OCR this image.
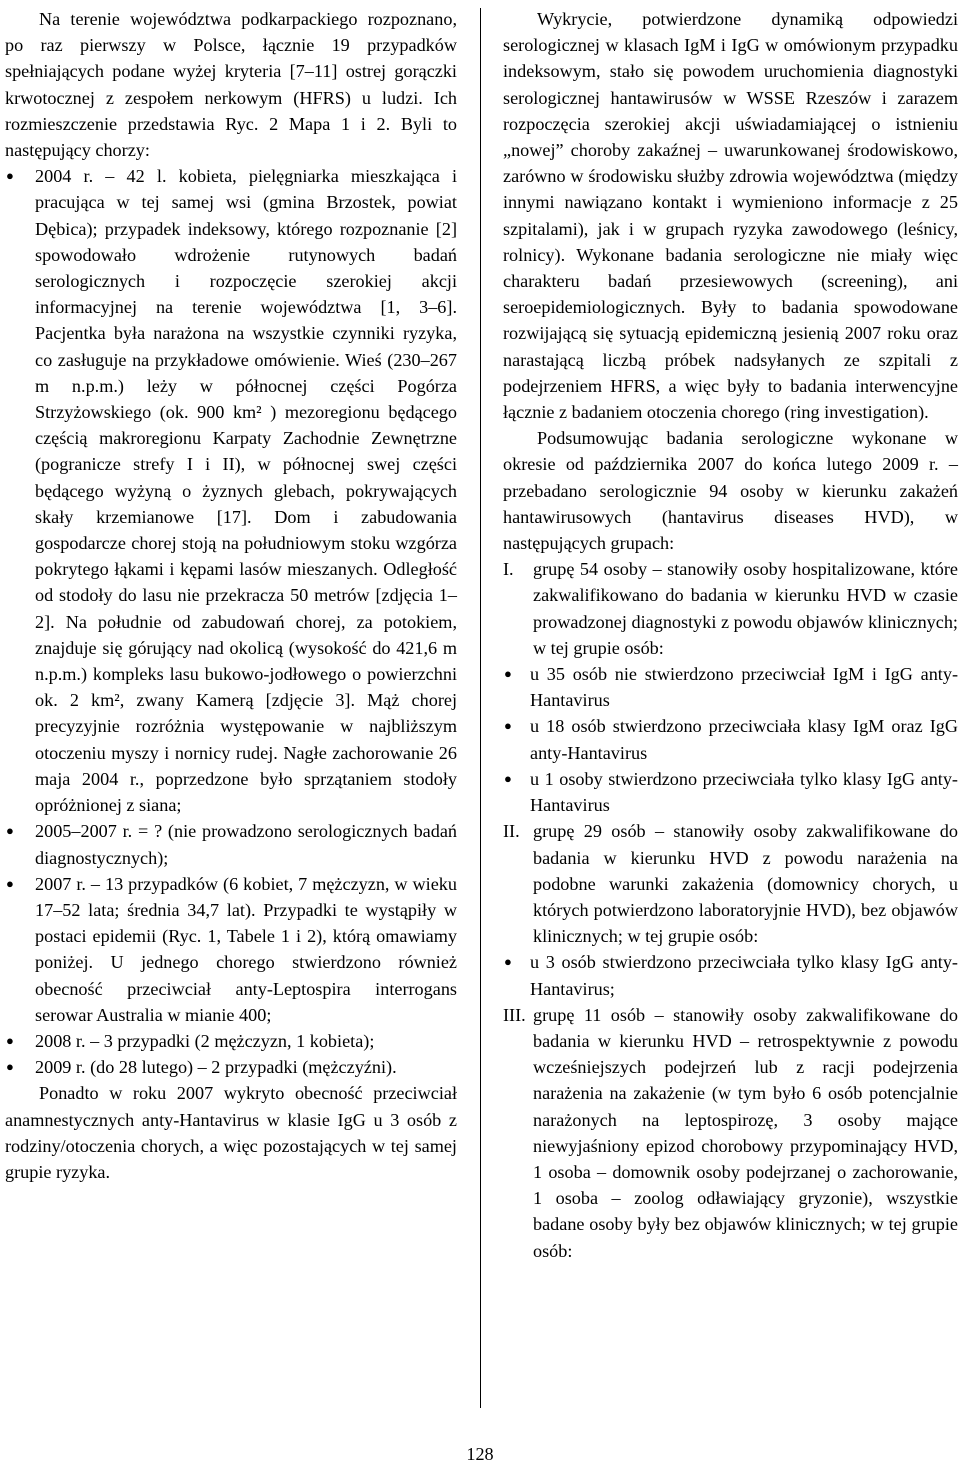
Na terenie województwa podkarpackiego rozpoznano, po raz pierwszy w Polsce, łącznie 19 przypadków spełniających podane wyżej kryteria [7–11] ostrej gorączki krwotocznej z zespołem nerkowym (HFRS) u ludzi. Ich rozmieszczenie przedstawia Ryc. 2 Mapa 1 i 2. Byli to następujący chorzy:

● 2004 r. – 42 l. kobieta, pielęgniarka mieszkająca i pracująca w tej samej wsi (gmina Brzostek, powiat Dębica); przypadek indeksowy, którego rozpoznanie [2] spowodowało wdrożenie rutynowych badań serologicznych i rozpoczęcie szerokiej akcji informacyjnej na terenie województwa [1, 3–6]. Pacjentka była narażona na wszystkie czynniki ryzyka, co zasługuje na przykładowe omówienie. Wieś (230–267 m n.p.m.) leży w północnej części Pogórza Strzyżowskiego (ok. 900 km² ) mezoregionu będącego częścią makroregionu Karpaty Zachodnie Zewnętrzne (pogranicze strefy I i II), w północnej swej części będącego wyżyną o żyznych glebach, pokrywających skały krzemianowe [17]. Dom i zabudowania gospodarcze chorej stoją na południowym stoku wzgórza pokrytego łąkami i kępami lasów mieszanych. Odległość od stodoły do lasu nie przekracza 50 metrów [zdjęcia 1–2]. Na południe od zabudowań chorej, za potokiem, znajduje się górujący nad okolicą (wysokość do 421,6 m n.p.m.) kompleks lasu bukowo-jodłowego o powierzchni ok. 2 km², zwany Kamerą [zdjęcie 3]. Mąż chorej precyzyjnie rozróżnia występowanie w najbliższym otoczeniu myszy i nornicy rudej. Nagłe zachorowanie 26 maja 2004 r., poprzedzone było sprzątaniem stodoły opróżnionej z siana;
● 2005–2007 r. = ? (nie prowadzono serologicznych badań diagnostycznych);
● 2007 r. – 13 przypadków (6 kobiet, 7 mężczyzn, w wieku 17–52 lata; średnia 34,7 lat). Przypadki te wystąpiły w postaci epidemii (Ryc. 1, Tabele 1 i 2), którą omawiamy poniżej. U jednego chorego stwierdzono również obecność przeciwciał anty-Leptospira interrogans serowar Australia w mianie 400;
● 2008 r. – 3 przypadki (2 mężczyzn, 1 kobieta);
● 2009 r. (do 28 lutego) – 2 przypadki (mężczyźni).

Ponadto w roku 2007 wykryto obecność przeciwciał anamnestycznych anty-Hantavirus w klasie IgG u 3 osób z rodziny/otoczenia chorych, a więc pozostających w tej samej grupie ryzyka.

Wykrycie, potwierdzone dynamiką odpowiedzi serologicznej w klasach IgM i IgG w omówionym przypadku indeksowym, stało się powodem uruchomienia diagnostyki serologicznej hantawirusów w WSSE Rzeszów i zarazem rozpoczęcia szerokiej akcji uświadamiającej o istnieniu „nowej” choroby zakaźnej – uwarunkowanej środowiskowo, zarówno w środowisku służby zdrowia województwa (między innymi nawiązano kontakt i wymieniono informacje z 25 szpitalami), jak i w grupach ryzyka zawodowego (leśnicy, rolnicy). Wykonane badania serologiczne nie miały więc charakteru badań przesiewowych (screening), ani seroepidemiologicznych. Były to badania spowodowane rozwijającą się sytuacją epidemiczną jesienią 2007 roku oraz narastającą liczbą próbek nadsyłanych ze szpitali z podejrzeniem HFRS, a więc były to badania interwencyjne łącznie z badaniem otoczenia chorego (ring investigation).

Podsumowując badania serologiczne wykonane w okresie od października 2007 do końca lutego 2009 r. – przebadano serologicznie 94 osoby w kierunku zakażeń hantawirusowych (hantavirus diseases HVD), w następujących grupach:

I. grupę 54 osoby – stanowiły osoby hospitalizowane, które zakwalifikowano do badania w kierunku HVD w czasie prowadzonej diagnostyki z powodu objawów klinicznych; w tej grupie osób:
● u 35 osób nie stwierdzono przeciwciał IgM i IgG anty-Hantavirus
● u 18 osób stwierdzono przeciwciała klasy IgM oraz IgG anty-Hantavirus
● u 1 osoby stwierdzono przeciwciała tylko klasy IgG anty-Hantavirus
II. grupę 29 osób – stanowiły osoby zakwalifikowane do badania w kierunku HVD z powodu narażenia na podobne warunki zakażenia (domownicy chorych, u których potwierdzono laboratoryjnie HVD), bez objawów klinicznych; w tej grupie osób:
● u 3 osób stwierdzono przeciwciała tylko klasy IgG anty-Hantavirus;
III. grupę 11 osób – stanowiły osoby zakwalifikowane do badania w kierunku HVD – retrospektywnie z powodu wcześniejszych podejrzeń lub z racji podejrzenia narażenia na zakażenie (w tym było 6 osób potencjalnie narażonych na leptospirozę, 3 osoby mające niewyjaśniony epizod chorobowy przypominający HVD, 1 osoba – domownik osoby podejrzanej o zachorowanie, 1 osoba – zoolog odławiający gryzonie), wszystkie badane osoby były bez objawów klinicznych; w tej grupie osób:
128
